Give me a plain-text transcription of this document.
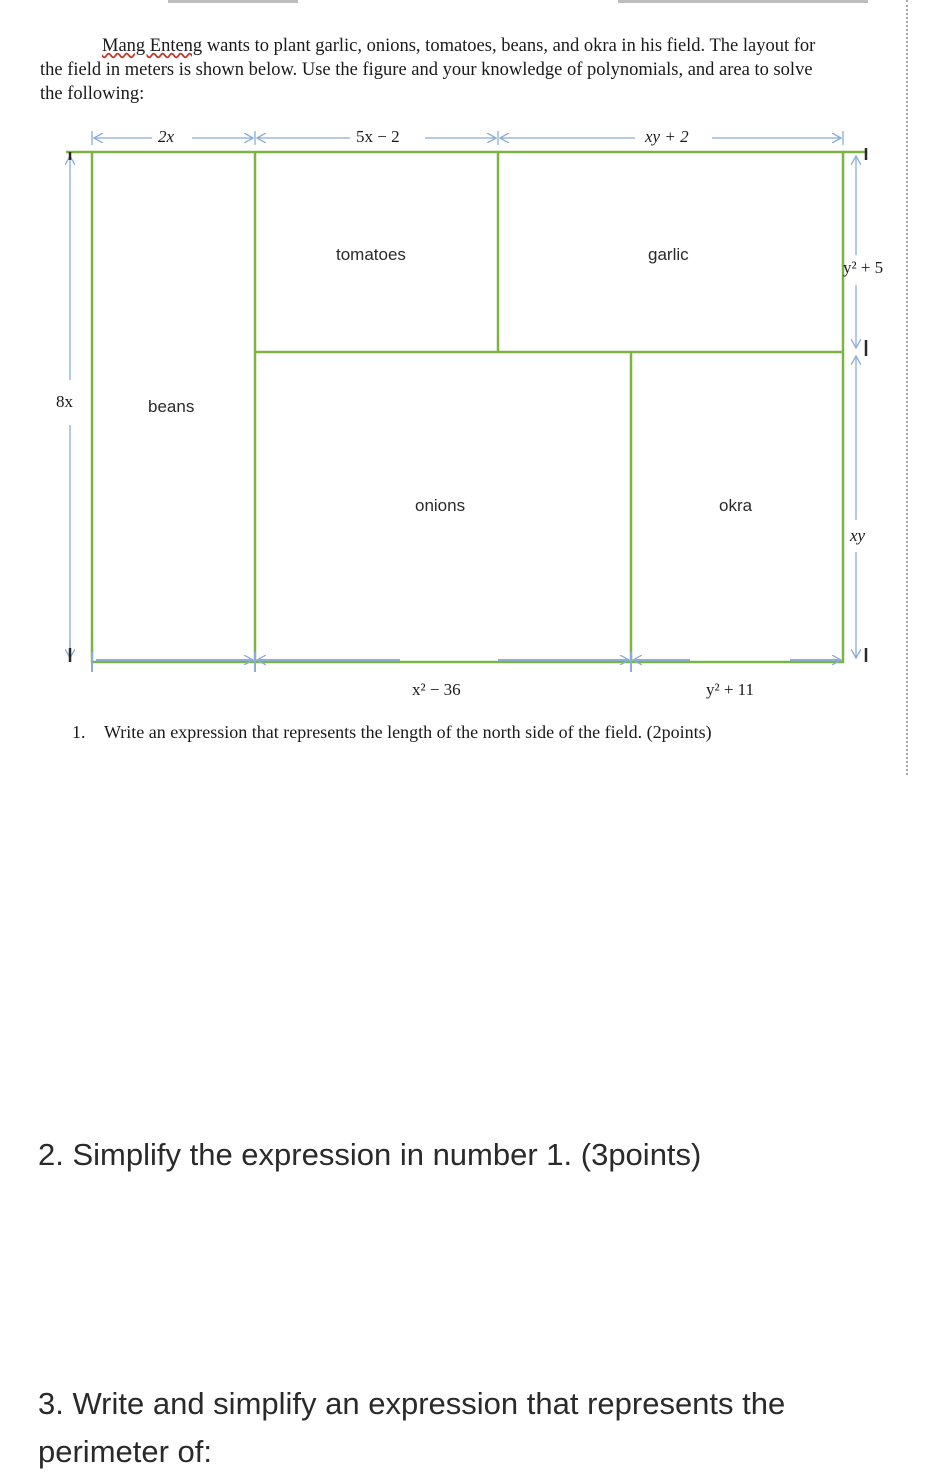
Mang Enteng wants to plant garlic, onions, tomatoes, beans, and okra in his field. The layout for
the field in meters is shown below. Use the figure and your knowledge of polynomials, and area to solve
the following:
2x	5x − 2	xy + 2
8x
y² + 5
xy
x² − 36	y² + 11
tomatoes	garlic
beans
onions	okra
1. Write an expression that represents the length of the north side of the field. (2points)
2. Simplify the expression in number 1. (3points)
3. Write and simplify an expression that represents the perimeter of:
